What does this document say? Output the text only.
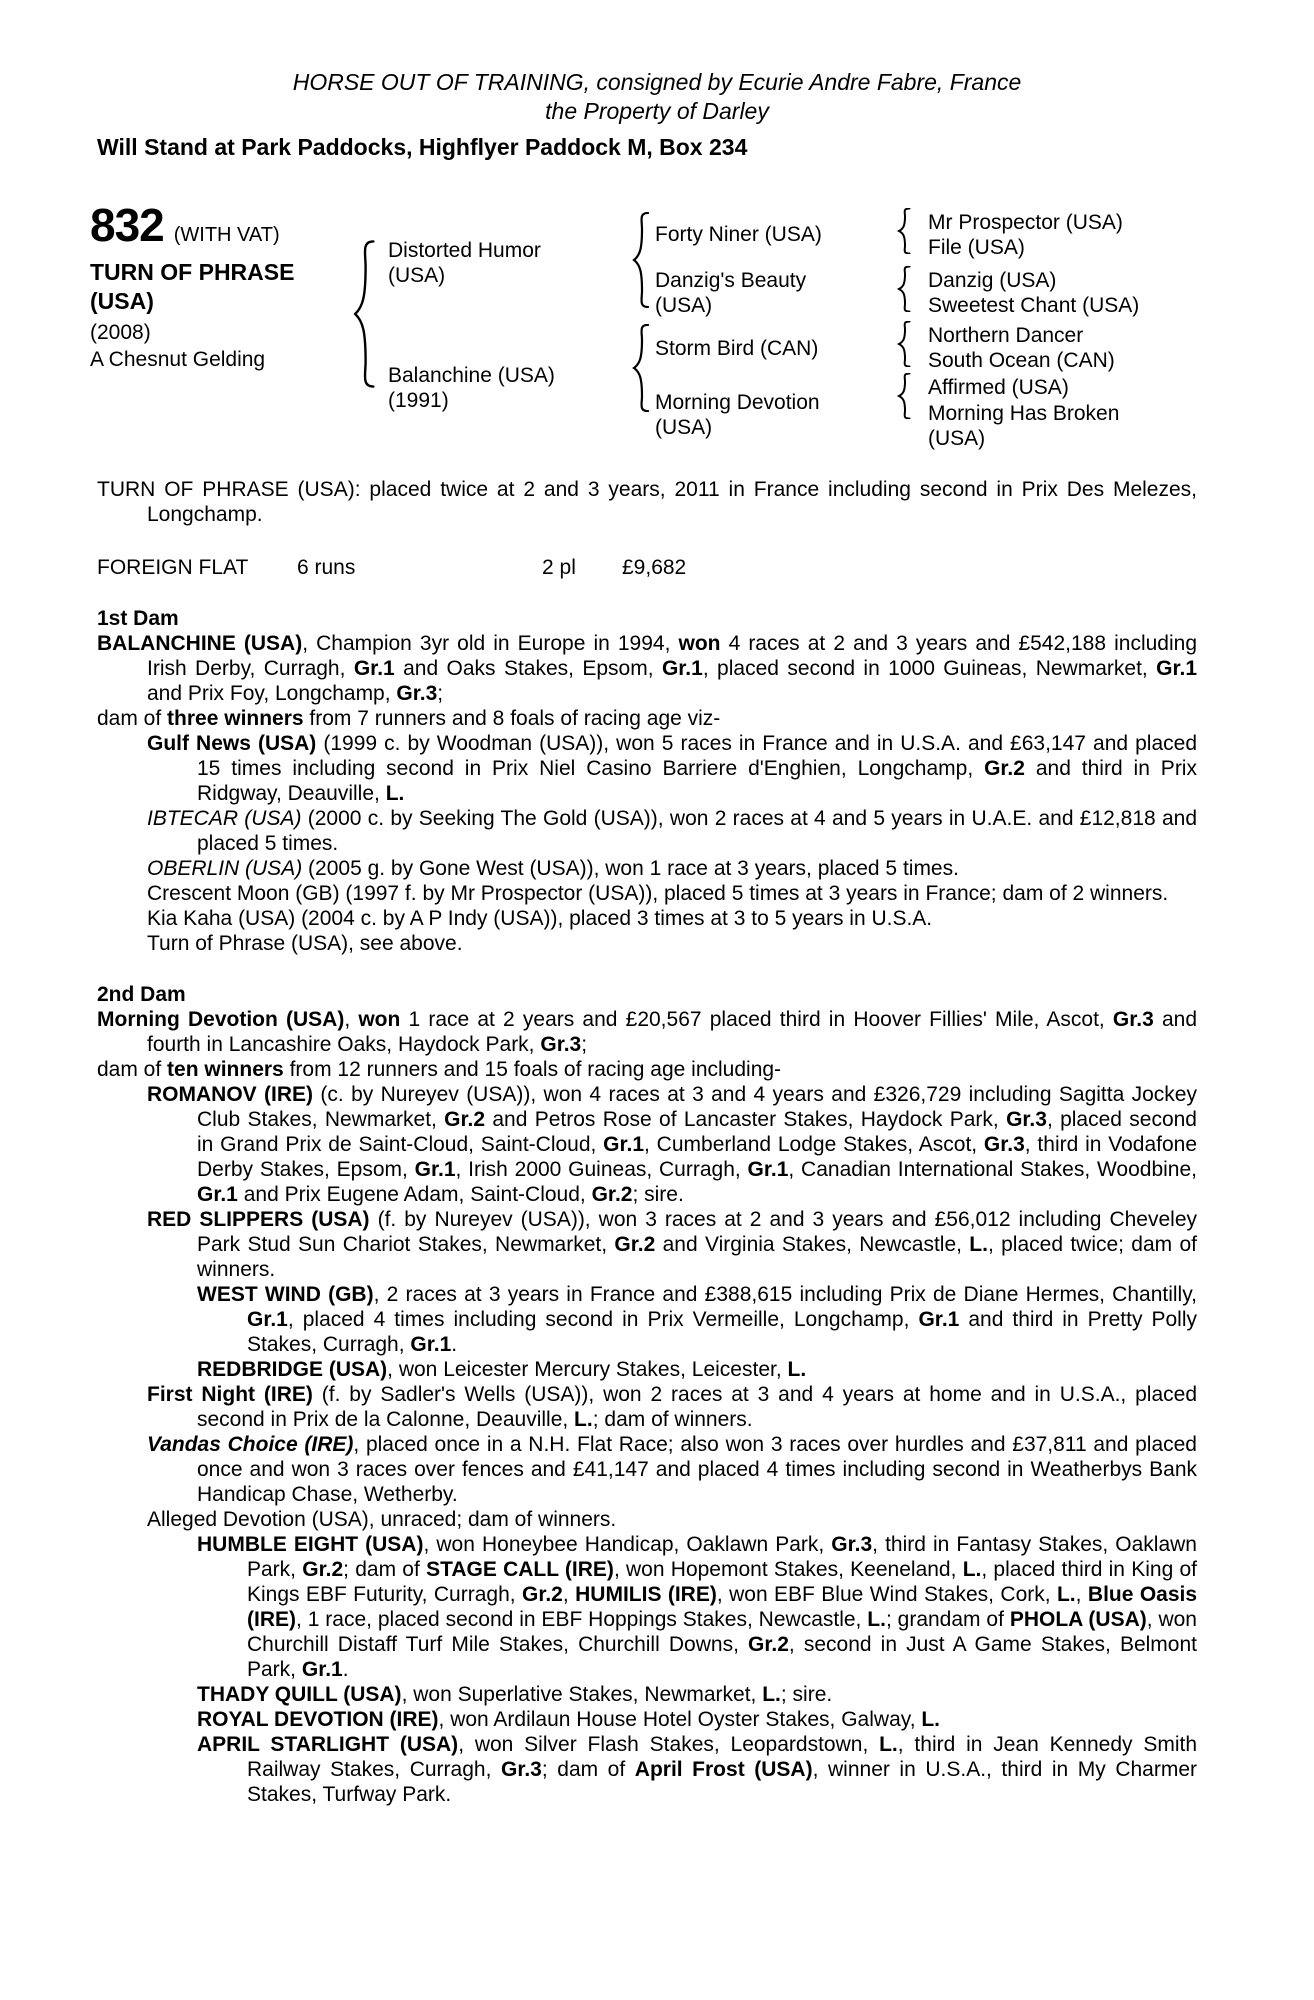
HORSE OUT OF TRAINING, consigned by Ecurie Andre Fabre, France
the Property of Darley
Will Stand at Park Paddocks, Highflyer Paddock M, Box 234
832 (WITH VAT)
TURN OF PHRASE (USA)
(2008)
A Chesnut Gelding
Distorted Humor
(USA)
Balanchine (USA)
(1991)
Forty Niner (USA)
Danzig's Beauty
(USA)
Storm Bird (CAN)
Morning Devotion
(USA)
Mr Prospector (USA)
File (USA)
Danzig (USA)
Sweetest Chant (USA)
Northern Dancer
South Ocean (CAN)
Affirmed (USA)
Morning Has Broken
(USA)
TURN OF PHRASE (USA): placed twice at 2 and 3 years, 2011 in France including second in Prix Des Melezes, Longchamp.
FOREIGN FLAT	6 runs	2 pl	£9,682
1st Dam
BALANCHINE (USA), Champion 3yr old in Europe in 1994, won 4 races at 2 and 3 years and £542,188 including Irish Derby, Curragh, Gr.1 and Oaks Stakes, Epsom, Gr.1, placed second in 1000 Guineas, Newmarket, Gr.1 and Prix Foy, Longchamp, Gr.3;
dam of three winners from 7 runners and 8 foals of racing age viz-
Gulf News (USA) (1999 c. by Woodman (USA)), won 5 races in France and in U.S.A. and £63,147 and placed 15 times including second in Prix Niel Casino Barriere d'Enghien, Longchamp, Gr.2 and third in Prix Ridgway, Deauville, L.
IBTECAR (USA) (2000 c. by Seeking The Gold (USA)), won 2 races at 4 and 5 years in U.A.E. and £12,818 and placed 5 times.
OBERLIN (USA) (2005 g. by Gone West (USA)), won 1 race at 3 years, placed 5 times.
Crescent Moon (GB) (1997 f. by Mr Prospector (USA)), placed 5 times at 3 years in France; dam of 2 winners.
Kia Kaha (USA) (2004 c. by A P Indy (USA)), placed 3 times at 3 to 5 years in U.S.A.
Turn of Phrase (USA), see above.
2nd Dam
Morning Devotion (USA), won 1 race at 2 years and £20,567 placed third in Hoover Fillies' Mile, Ascot, Gr.3 and fourth in Lancashire Oaks, Haydock Park, Gr.3;
dam of ten winners from 12 runners and 15 foals of racing age including-
ROMANOV (IRE) (c. by Nureyev (USA)), won 4 races at 3 and 4 years and £326,729 including Sagitta Jockey Club Stakes, Newmarket, Gr.2 and Petros Rose of Lancaster Stakes, Haydock Park, Gr.3, placed second in Grand Prix de Saint-Cloud, Saint-Cloud, Gr.1, Cumberland Lodge Stakes, Ascot, Gr.3, third in Vodafone Derby Stakes, Epsom, Gr.1, Irish 2000 Guineas, Curragh, Gr.1, Canadian International Stakes, Woodbine, Gr.1 and Prix Eugene Adam, Saint-Cloud, Gr.2; sire.
RED SLIPPERS (USA) (f. by Nureyev (USA)), won 3 races at 2 and 3 years and £56,012 including Cheveley Park Stud Sun Chariot Stakes, Newmarket, Gr.2 and Virginia Stakes, Newcastle, L., placed twice; dam of winners.
WEST WIND (GB), 2 races at 3 years in France and £388,615 including Prix de Diane Hermes, Chantilly, Gr.1, placed 4 times including second in Prix Vermeille, Longchamp, Gr.1 and third in Pretty Polly Stakes, Curragh, Gr.1.
REDBRIDGE (USA), won Leicester Mercury Stakes, Leicester, L.
First Night (IRE) (f. by Sadler's Wells (USA)), won 2 races at 3 and 4 years at home and in U.S.A., placed second in Prix de la Calonne, Deauville, L.; dam of winners.
Vandas Choice (IRE), placed once in a N.H. Flat Race; also won 3 races over hurdles and £37,811 and placed once and won 3 races over fences and £41,147 and placed 4 times including second in Weatherbys Bank Handicap Chase, Wetherby.
Alleged Devotion (USA), unraced; dam of winners.
HUMBLE EIGHT (USA), won Honeybee Handicap, Oaklawn Park, Gr.3, third in Fantasy Stakes, Oaklawn Park, Gr.2; dam of STAGE CALL (IRE), won Hopemont Stakes, Keeneland, L., placed third in King of Kings EBF Futurity, Curragh, Gr.2, HUMILIS (IRE), won EBF Blue Wind Stakes, Cork, L., Blue Oasis (IRE), 1 race, placed second in EBF Hoppings Stakes, Newcastle, L.; grandam of PHOLA (USA), won Churchill Distaff Turf Mile Stakes, Churchill Downs, Gr.2, second in Just A Game Stakes, Belmont Park, Gr.1.
THADY QUILL (USA), won Superlative Stakes, Newmarket, L.; sire.
ROYAL DEVOTION (IRE), won Ardilaun House Hotel Oyster Stakes, Galway, L.
APRIL STARLIGHT (USA), won Silver Flash Stakes, Leopardstown, L., third in Jean Kennedy Smith Railway Stakes, Curragh, Gr.3; dam of April Frost (USA), winner in U.S.A., third in My Charmer Stakes, Turfway Park.
